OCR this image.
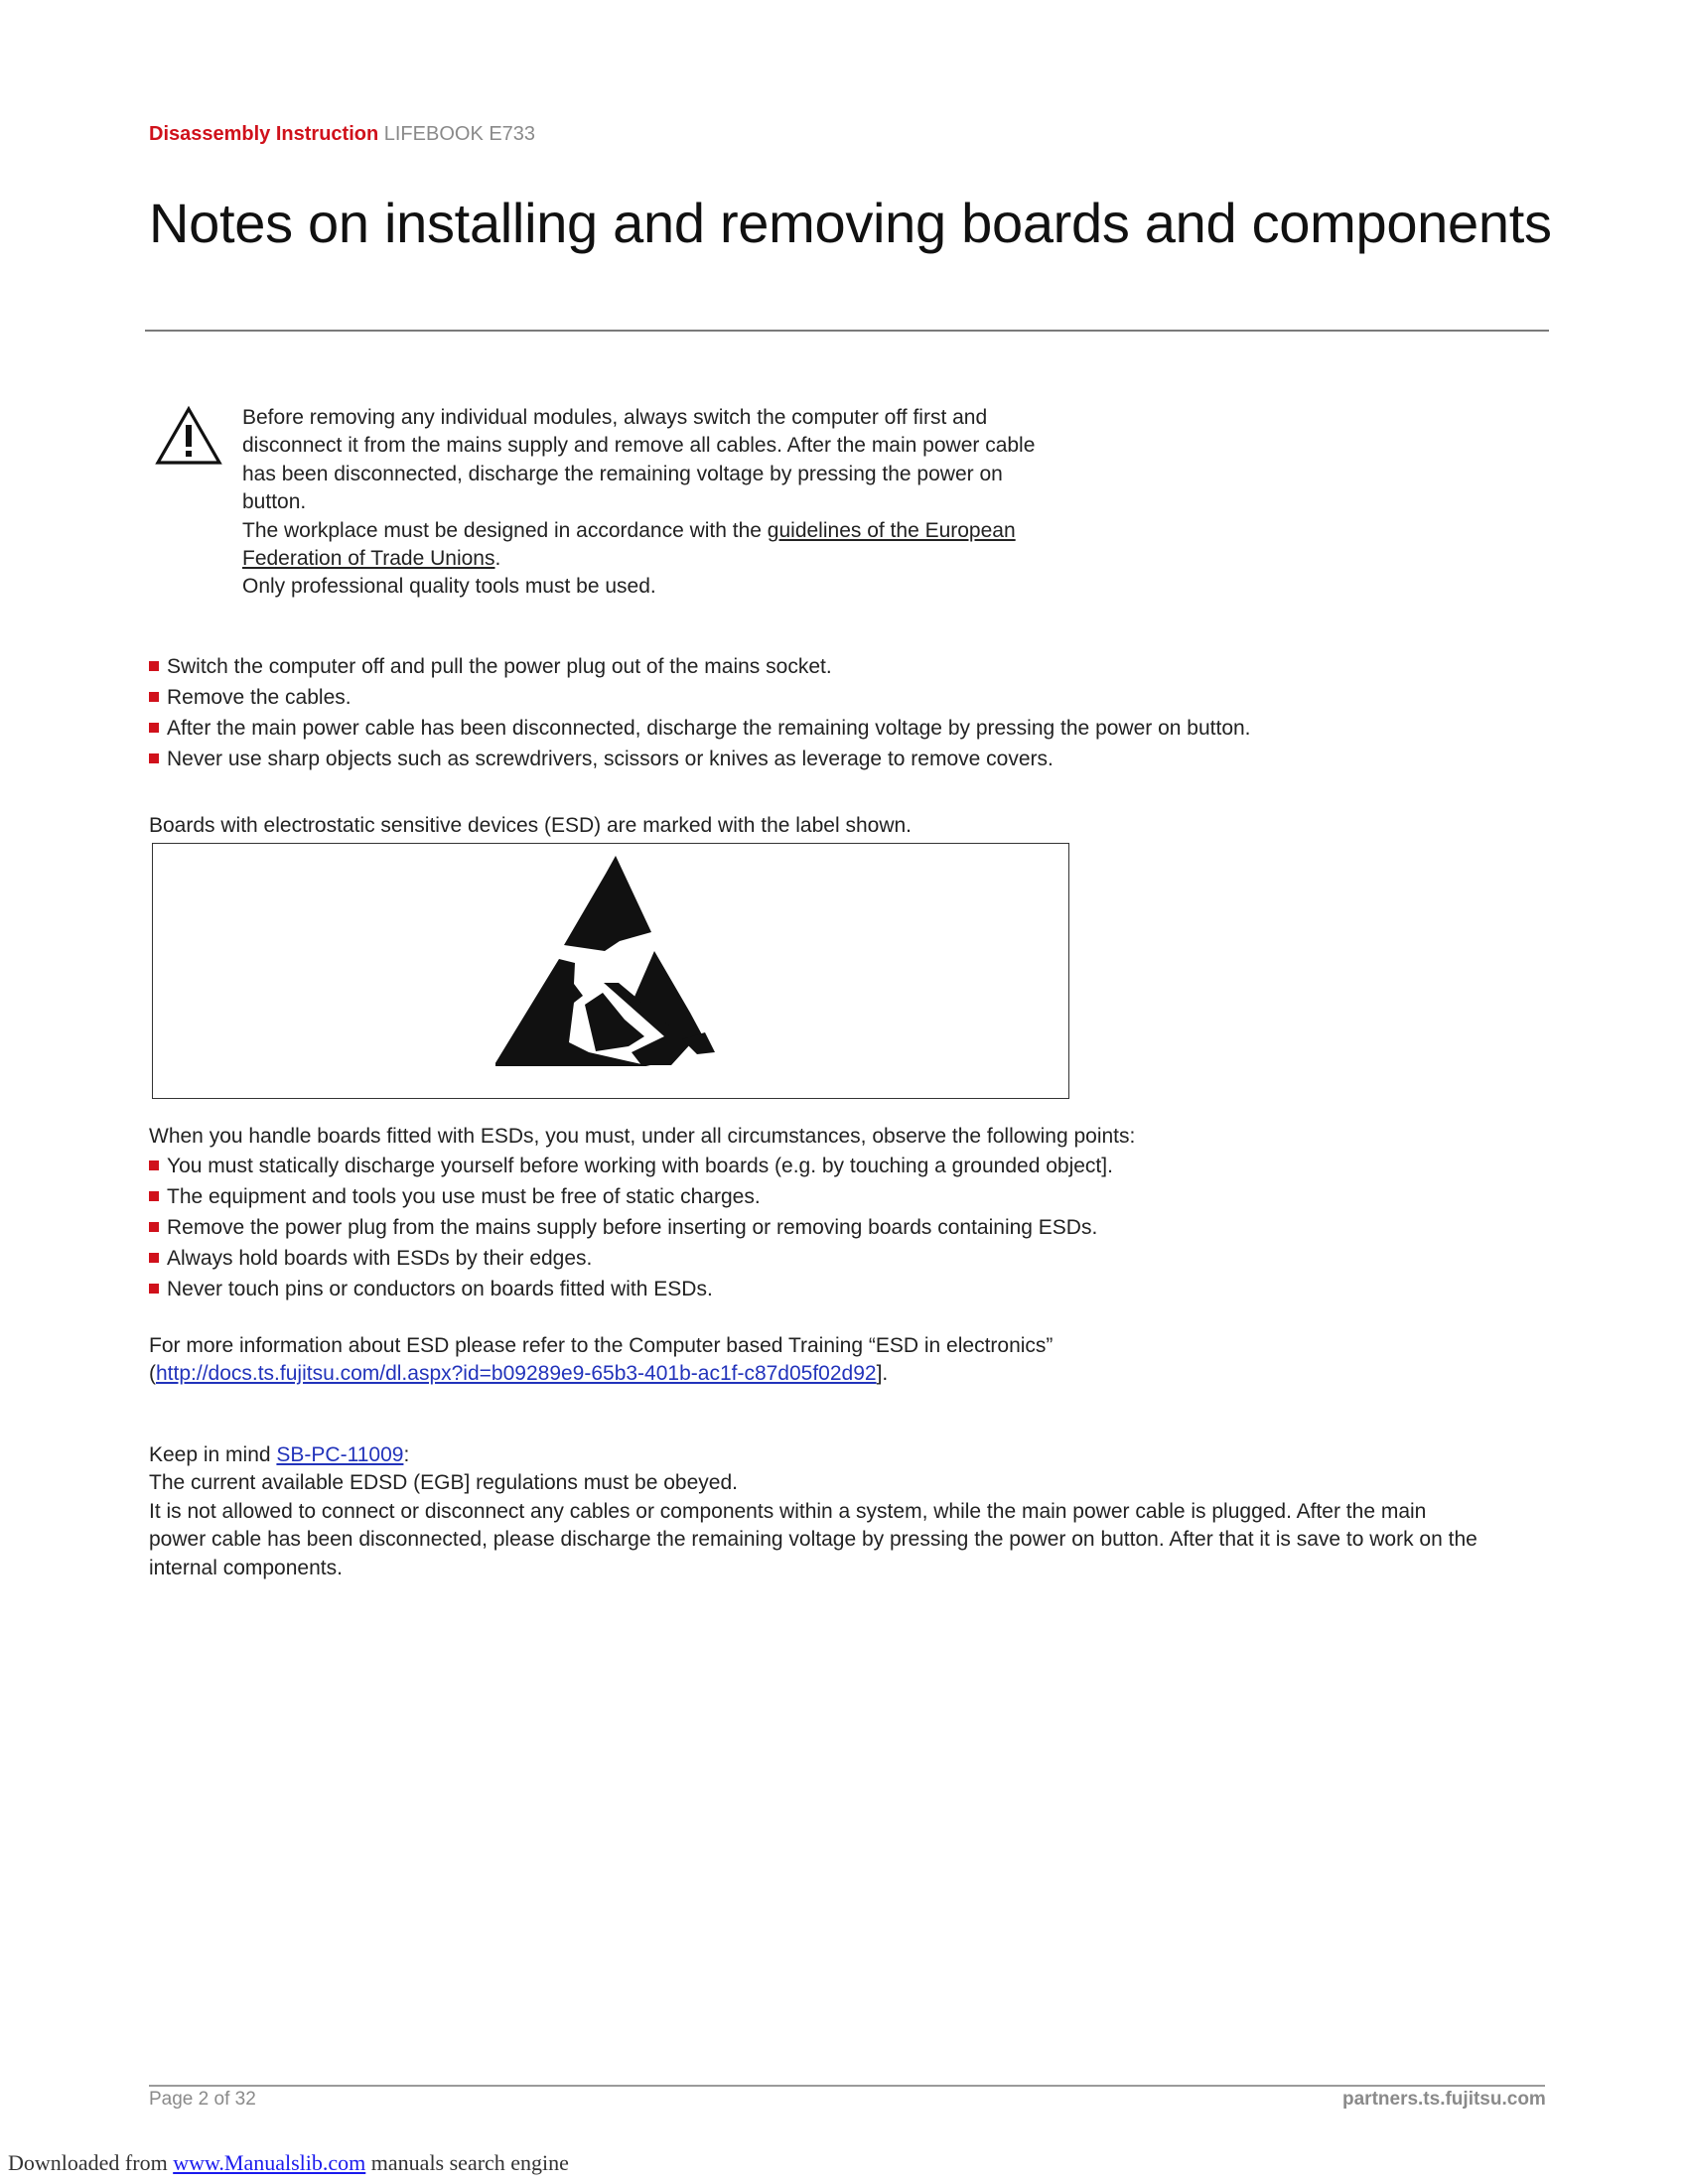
Disassembly Instruction LIFEBOOK E733
Notes on installing and removing boards and components
Before removing any individual modules, always switch the computer off first and
disconnect it from the mains supply and remove all cables. After the main power cable
has been disconnected, discharge the remaining voltage by pressing the power on
button.
The workplace must be designed in accordance with the guidelines of the European
Federation of Trade Unions.
Only professional quality tools must be used.
Switch the computer off and pull the power plug out of the mains socket.
Remove the cables.
After the main power cable has been disconnected, discharge the remaining voltage by pressing the power on button.
Never use sharp objects such as screwdrivers, scissors or knives as leverage to remove covers.
Boards with electrostatic sensitive devices (ESD) are marked with the label shown.
When you handle boards fitted with ESDs, you must, under all circumstances, observe the following points:
You must statically discharge yourself before working with boards (e.g. by touching a grounded object].
The equipment and tools you use must be free of static charges.
Remove the power plug from the mains supply before inserting or removing boards containing ESDs.
Always hold boards with ESDs by their edges.
Never touch pins or conductors on boards fitted with ESDs.
For more information about ESD please refer to the Computer based Training “ESD in electronics”
(http://docs.ts.fujitsu.com/dl.aspx?id=b09289e9-65b3-401b-ac1f-c87d05f02d92].
Keep in mind SB-PC-11009:
The current available EDSD (EGB] regulations must be obeyed.
It is not allowed to connect or disconnect any cables or components within a system, while the main power cable is plugged. After the main
power cable has been disconnected, please discharge the remaining voltage by pressing the power on button. After that it is save to work on the
internal components.
Page 2 of 32	partners.ts.fujitsu.com
Downloaded from www.Manualslib.com manuals search engine
